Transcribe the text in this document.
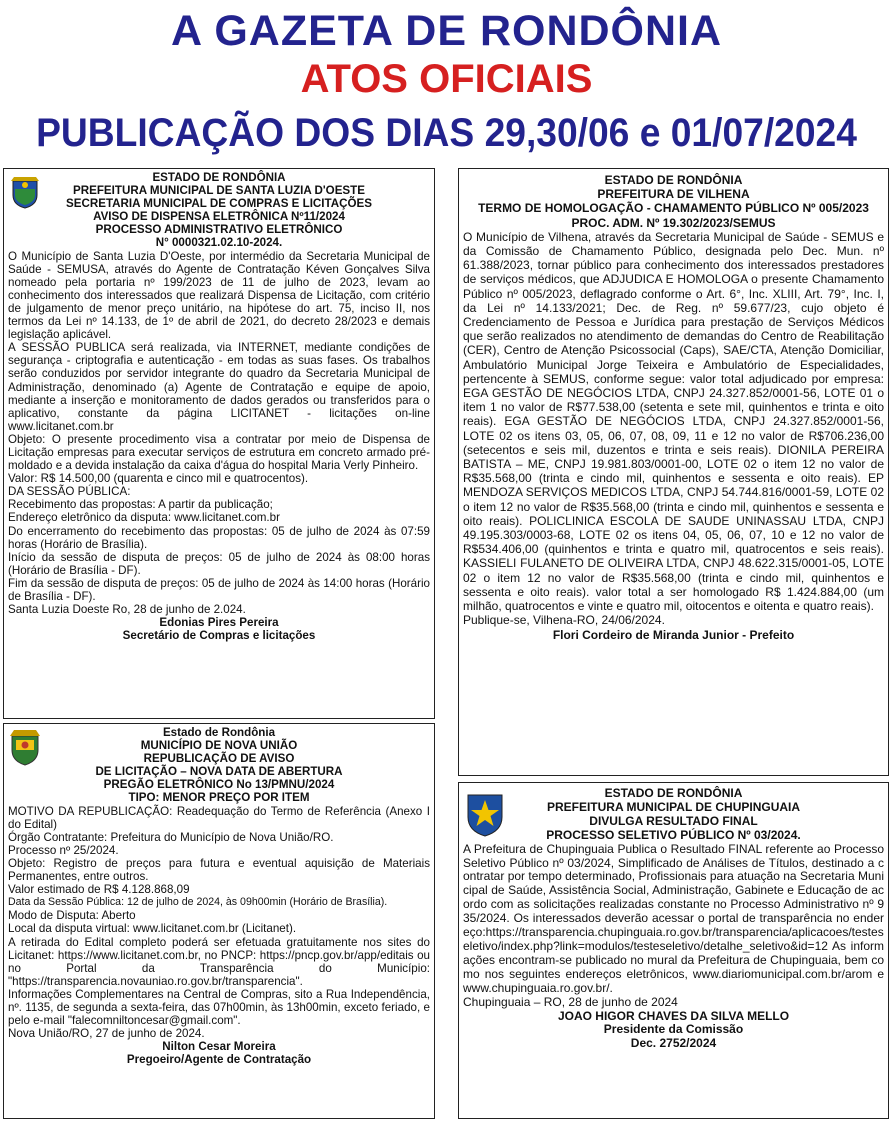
A GAZETA DE RONDÔNIA
ATOS OFICIAIS
PUBLICAÇÃO DOS DIAS 29,30/06 e 01/07/2024
ESTADO DE RONDÔNIA
PREFEITURA MUNICIPAL DE SANTA LUZIA D'OESTE
SECRETARIA MUNICIPAL DE COMPRAS E LICITAÇÕES
AVISO DE DISPENSA ELETRÔNICA Nº11/2024
PROCESSO ADMINISTRATIVO ELETRÔNICO
N° 0000321.02.10-2024.

O Município de Santa Luzia D'Oeste, por intermédio da Secretaria Municipal de Saúde - SEMUSA, através do Agente de Contratação Kéven Gonçalves Silva nomeado pela portaria nº 199/2023 de 11 de julho de 2023, levam ao conhecimento dos interessados que realizará Dispensa de Licitação, com critério de julgamento de menor preço unitário, na hipótese do art. 75, inciso II, nos termos da Lei nº 14.133, de 1º de abril de 2021, do decreto 28/2023 e demais legislação aplicável.

A SESSÃO PUBLICA será realizada, via INTERNET, mediante condições de segurança - criptografia e autenticação - em todas as suas fases. Os trabalhos serão conduzidos por servidor integrante do quadro da Secretaria Municipal de Administração, denominado (a) Agente de Contratação e equipe de apoio, mediante a inserção e monitoramento de dados gerados ou transferidos para o aplicativo, constante da página LICITANET - licitações on-line www.licitanet.com.br

Objeto: O presente procedimento visa a contratar por meio de Dispensa de Licitação empresas para executar serviços de estrutura em concreto armado pré-moldado e a devida instalação da caixa d'água do hospital Maria Verly Pinheiro.

Valor: R$ 14.500,00 (quarenta e cinco mil e quatrocentos).

DA SESSÃO PÚBLICA:

Recebimento das propostas: A partir da publicação;

Endereço eletrônico da disputa: www.licitanet.com.br

Do encerramento do recebimento das propostas: 05 de julho de 2024 às 07:59 horas (Horário de Brasília).

Início da sessão de disputa de preços: 05 de julho de 2024 às 08:00 horas (Horário de Brasília - DF).

Fim da sessão de disputa de preços: 05 de julho de 2024 às 14:00 horas (Horário de Brasília - DF).

Santa Luzia Doeste Ro, 28 de junho de 2.024.

Edonias Pires Pereira
Secretário de Compras e licitações
Estado de Rondônia
MUNICÍPIO DE NOVA UNIÃO
REPUBLICAÇÃO DE AVISO
DE LICITAÇÃO – NOVA DATA DE ABERTURA
PREGÃO ELETRÔNICO No 13/PMNU/2024
TIPO: MENOR PREÇO POR ITEM

MOTIVO DA REPUBLICAÇÃO: Readequação do Termo de Referência (Anexo I do Edital)

Órgão Contratante: Prefeitura do Município de Nova União/RO.

Processo nº 25/2024.

Objeto: Registro de preços para futura e eventual aquisição de Materiais Permanentes, entre outros.

Valor estimado de R$ 4.128.868,09

Data da Sessão Pública: 12 de julho de 2024, às 09h00min (Horário de Brasília).

Modo de Disputa: Aberto

Local da disputa virtual: www.licitanet.com.br (Licitanet).

A retirada do Edital completo poderá ser efetuada gratuitamente nos sites do Licitanet: https://www.licitanet.com.br, no PNCP: https://pncp.gov.br/app/editais ou no Portal da Transparência do Município: "https://transparencia.novauniao.ro.gov.br/transparencia".

Informações Complementares na Central de Compras, sito a Rua Independência, nº. 1135, de segunda a sexta-feira, das 07h00min, às 13h00min, exceto feriado, e pelo e-mail "falecomniltoncesar@gmail.com".

Nova União/RO, 27 de junho de 2024.

Nilton Cesar Moreira
Pregoeiro/Agente de Contratação
ESTADO DE RONDÔNIA
PREFEITURA DE VILHENA
TERMO DE HOMOLOGAÇÃO - CHAMAMENTO PÚBLICO Nº 005/2023
PROC. ADM. Nº 19.302/2023/SEMUS

O Município de Vilhena, através da Secretaria Municipal de Saúde - SEMUS e da Comissão de Chamamento Público, designada pelo Dec. Mun. nº 61.388/2023, tornar público para conhecimento dos interessados prestadores de serviços médicos, que ADJUDICA E HOMOLOGA o presente Chamamento Público nº 005/2023, deflagrado conforme o Art. 6°, Inc. XLIII, Art. 79°, Inc. I, da Lei nº 14.133/2021; Dec. de Reg. nº 59.677/23, cujo objeto é Credenciamento de Pessoa e Jurídica para prestação de Serviços Médicos que serão realizados no atendimento de demandas do Centro de Reabilitação (CER), Centro de Atenção Psicossocial (Caps), SAE/CTA, Atenção Domiciliar, Ambulatório Municipal Jorge Teixeira e Ambulatório de Especialidades, pertencente à SEMUS, conforme segue: valor total adjudicado por empresa: EGA GESTÃO DE NEGÓCIOS LTDA, CNPJ 24.327.852/0001-56, LOTE 01 o item 1 no valor de R$77.538,00 (setenta e sete mil, quinhentos e trinta e oito reais). EGA GESTÃO DE NEGÓCIOS LTDA, CNPJ 24.327.852/0001-56, LOTE 02 os itens 03, 05, 06, 07, 08, 09, 11 e 12 no valor de R$706.236,00 (setecentos e seis mil, duzentos e trinta e seis reais). DIONILA PEREIRA BATISTA – ME, CNPJ 19.981.803/0001-00, LOTE 02 o item 12 no valor de R$35.568,00 (trinta e cindo mil, quinhentos e sessenta e oito reais). EP MENDOZA SERVIÇOS MEDICOS LTDA, CNPJ 54.744.816/0001-59, LOTE 02 o item 12 no valor de R$35.568,00 (trinta e cindo mil, quinhentos e sessenta e oito reais). POLICLINICA ESCOLA DE SAUDE UNINASSAU LTDA, CNPJ 49.195.303/0003-68, LOTE 02 os itens 04, 05, 06, 07, 10 e 12 no valor de R$534.406,00 (quinhentos e trinta e quatro mil, quatrocentos e seis reais). KASSIELI FULANETO DE OLIVEIRA LTDA, CNPJ 48.622.315/0001-05, LOTE 02 o item 12 no valor de R$35.568,00 (trinta e cindo mil, quinhentos e sessenta e oito reais). valor total a ser homologado R$ 1.424.884,00 (um milhão, quatrocentos e vinte e quatro mil, oitocentos e oitenta e quatro reais).

Publique-se, Vilhena-RO, 24/06/2024.

Flori Cordeiro de Miranda Junior - Prefeito
ESTADO DE RONDÔNIA
PREFEITURA MUNICIPAL DE CHUPINGUAIA
DIVULGA RESULTADO FINAL
PROCESSO SELETIVO PÚBLICO Nº 03/2024.

A Prefeitura de Chupinguaia Publica o Resultado FINAL referente ao Processo Seletivo Público nº 03/2024, Simplificado de Análises de Títulos, destinado a contratar por tempo determinado, Profissionais para atuação na Secretaria Municipal de Saúde, Assistência Social, Administração, Gabinete e Educação de acordo com as solicitações realizadas constante no Processo Administrativo nº 935/2024. Os interessados deverão acessar o portal de transparência no endereço:https://transparencia.chupinguaia.ro.gov.br/transparencia/aplicacoes/testeseletivo/index.php?link=modulos/testeseletivo/detalhe_seletivo&id=12 As informações encontram-se publicado no mural da Prefeitura de Chupinguaia, bem como nos seguintes endereços eletrônicos, www.diariomunicipal.com.br/arom e www.chupinguaia.ro.gov.br/.

Chupinguaia – RO, 28 de junho de 2024

JOAO HIGOR CHAVES DA SILVA MELLO
Presidente da Comissão
Dec. 2752/2024
